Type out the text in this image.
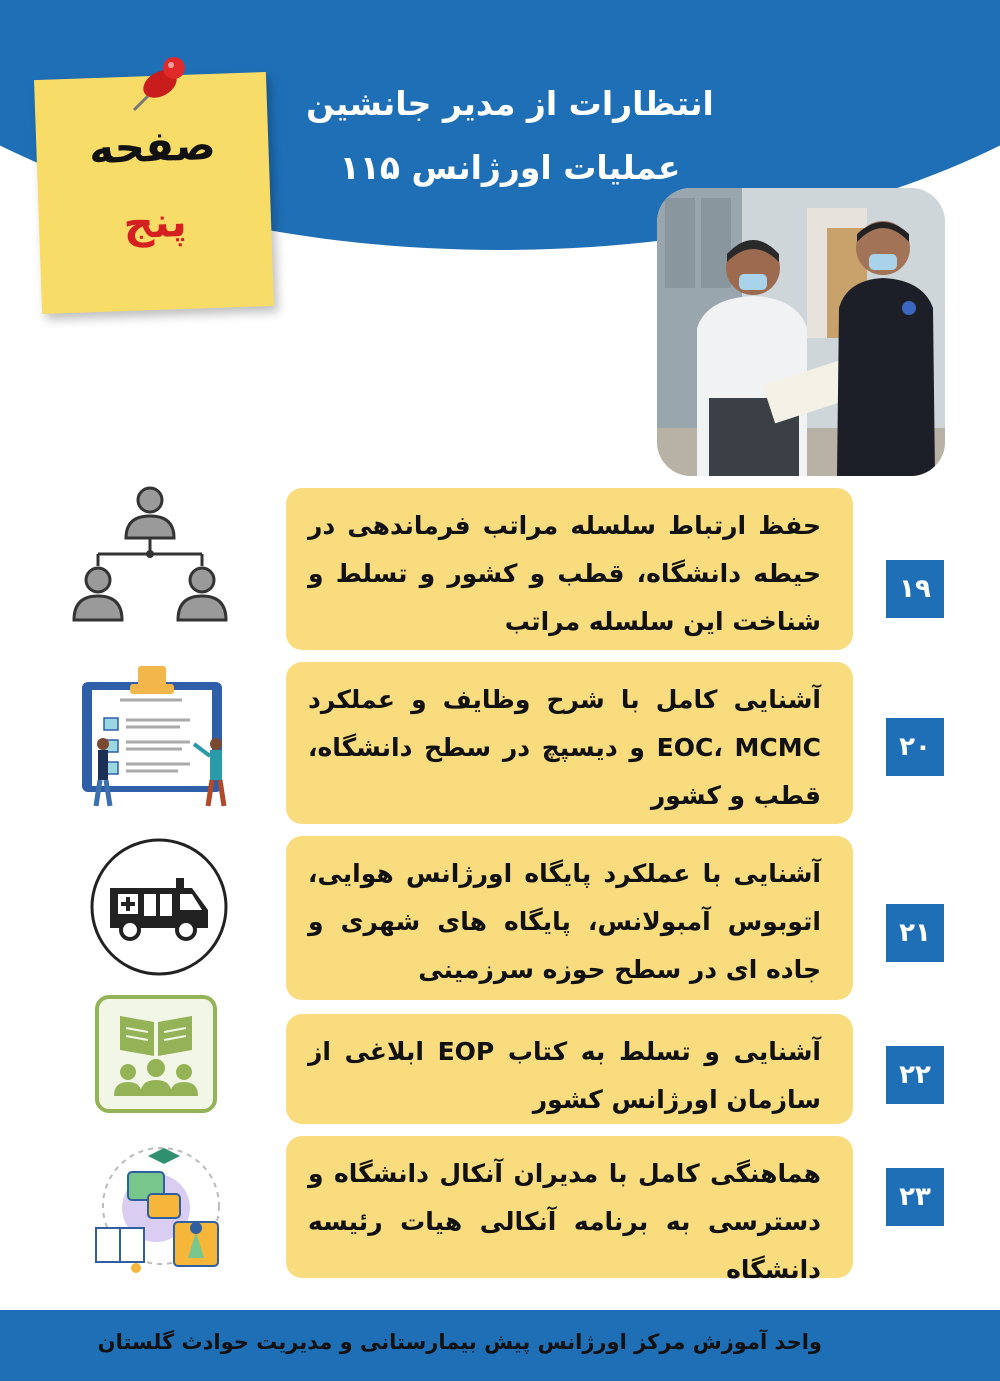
انتظارات از مدیر جانشین
عملیات اورژانس ۱۱۵
صفحه
پنج
حفظ ارتباط سلسله مراتب فرماندهی در حیطه دانشگاه، قطب و کشور و تسلط و شناخت این سلسله مراتب
۱۹
آشنایی کامل با شرح وظایف و عملکرد EOC، MCMC و دیسپچ در سطح دانشگاه، قطب و کشور
۲۰
آشنایی با عملکرد پایگاه اورژانس هوایی، اتوبوس آمبولانس، پایگاه های شهری و جاده ای در سطح حوزه سرزمینی
۲۱
آشنایی و تسلط به کتاب EOP ابلاغی از سازمان اورژانس کشور
۲۲
هماهنگی کامل با مدیران آنکال دانشگاه و دسترسی به برنامه آنکالی هیات رئیسه دانشگاه
۲۳
واحد آموزش مرکز اورژانس پیش بیمارستانی و مدیریت حوادث گلستان
